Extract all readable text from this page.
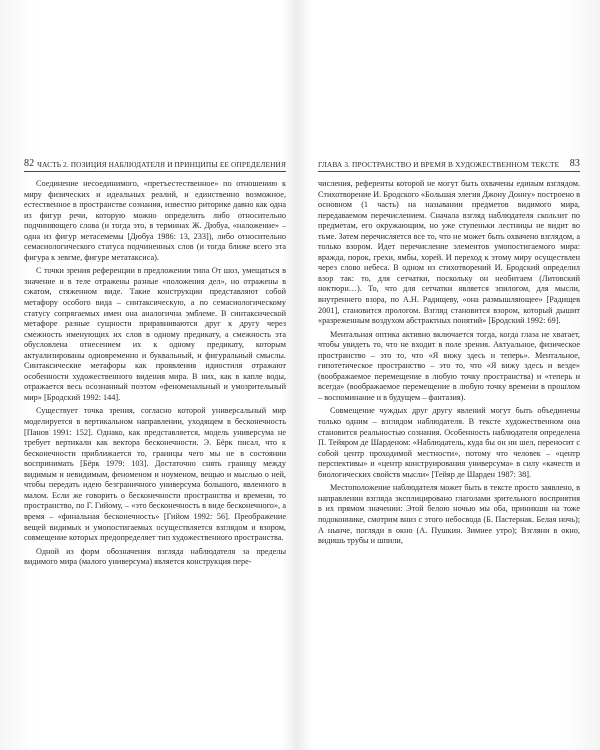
82 ЧАСТЬ 2. ПОЗИЦИЯ НАБЛЮДАТЕЛЯ И ПРИНЦИПЫ ЕЕ ОПРЕДЕЛЕНИЯ

Соединение несоединимого, «претъестественное» по отношению к миру физических и идеальных реалий, и единственно возможное, естественное в пространстве сознания, известно риторике давно как одна из фигур речи, которую можно определить либо относительно подчиняющего слова (и тогда это, в терминах Ж. Дюбуа, «наложение» – одна из фигур метасемемы [Дюбуа 1986: 13, 233]), либо относительно семасиологического статуса подчиненных слов (и тогда ближе всего эта фигура к зевгме, фигуре метатаксиса).

С точки зрения референции в предложении типа От шоз, умещаться в значение и в теле отражены разные «положения дел», но отражены в сжатом, стяженном виде. Такие конструкции представляют собой метафору особого вида – синтаксическую, а по семасиологическому статусу сопрягаемых имен она аналогична эмблеме. В синтаксической метафоре разные сущности приравниваются друг к другу через смежность именующих их слов в одному предикату, а смежность эта обусловлена отнесением их к одному предикату, которым актуализированы одновременно и буквальный, и фигуральный смыслы. Синтаксические метафоры как проявления идиостиля отражают особенности художественного видения мира. В них, как в капле воды, отражается весь осознанный поэтом «феноменальный и умозрительный мир» [Бродский 1992: 144].

Существует точка зрения, согласно которой универсальный мир моделируется в вертикальном направлении, уходящем в бесконечность [Панов 1991: 152]. Однако, как представляется, модель универсума не требует вертикали как вектора бесконечности. Э. Бёрк писал, что к бесконечности приближается то, границы чего мы не в состоянии воспринимать [Бёрк 1979: 103]. Достаточно снять границу между видимым и невидимым, феноменом и ноуменом, вещью и мыслью о ней, чтобы передать идею безграничного универсума большого, явленного в малом. Если же говорить о бесконечности пространства и времени, то пространство, по Г. Гийому, – «это бесконечность в виде бесконечного», а время – «финальная бесконечность» [Гийом 1992: 56]. Преображение вещей видимых и умопостигаемых осуществляется взглядом и взором, совмещение которых предопределяет тип художественного пространства.

Одной из форм обозначения взгляда наблюдателя за пределы видимого мира (малого универсума) является конструкция пере-

ГЛАВА 3. ПРОСТРАНСТВО И ВРЕМЯ В ХУДОЖЕСТВЕННОМ ТЕКСТЕ 83

числения, референты которой не могут быть охвачены единым взглядом. Стихотворение И. Бродского «Большая элегия Джону Донну» построено в основном (1 часть) на назывании предметов видимого мира, передаваемом перечислением. Сначала взгляд наблюдателя скользит по предметам, его окружающим, но уже ступеньки лестницы не видит во тьме. Затем перечисляется все то, что не может быть охвачено взглядом, а только взором. Идет перечисление элементов умопостигаемого мира: вражда, порок, грехи, ямбы, хорей. И переход к этому миру осуществлен через слово небеса. В одном из стихотворений И. Бродский определил взор так: то, для сетчатки, поскольку он необитаем (Литовский ноктюрн…). То, что для сетчатки является эпилогом, для мысли, внутреннего взора, по А.Н. Радищеву, «она размышляющее» [Радищев 2001], становится прологом. Взгляд становится взором, который дышит «разреженным воздухом абстрактных понятий» [Бродский 1992: 69].

Ментальная оптика активно включается тогда, когда глаза не хватает, чтобы увидеть то, что не входит в поле зрения. Актуальное, физическое пространство – это то, что «Я вижу здесь и теперь». Ментальное, гипотетическое пространство – это то, что «Я вижу здесь и везде» (воображаемое перемещение в любую точку пространства) и «теперь и всегда» (воображаемое перемещение в любую точку времени в прошлом – воспоминание и в будущем – фантазия).

Совмещение чуждых друг другу явлений могут быть объединены только одним – взглядом наблюдателя. В тексте художественном она становится реальностью сознания. Особенность наблюдателя определена П. Тейяром де Шарденом: «Наблюдатель, куда бы он ни шел, переносит с собой центр проходимой местности», потому что человек – «центр перспективы» и «центр конструирования универсума» в силу «качеств и биологических свойств мысли» [Тейяр де Шарден 1987: 38].

Местоположение наблюдателя может быть в тексте просто заявлено, в направлении взгляда эксплицировано глаголами зрительного восприятия в их прямом значении: Этой белою ночью мы оба, приникши на тоже подоконнике, смотрим вниз с этого небосвода (Б. Пастернак. Белая ночь); А нынче, погляди в окно (А. Пушкин. Зимнее утро); Взгляни в окно, видишь трубы и шпили,
